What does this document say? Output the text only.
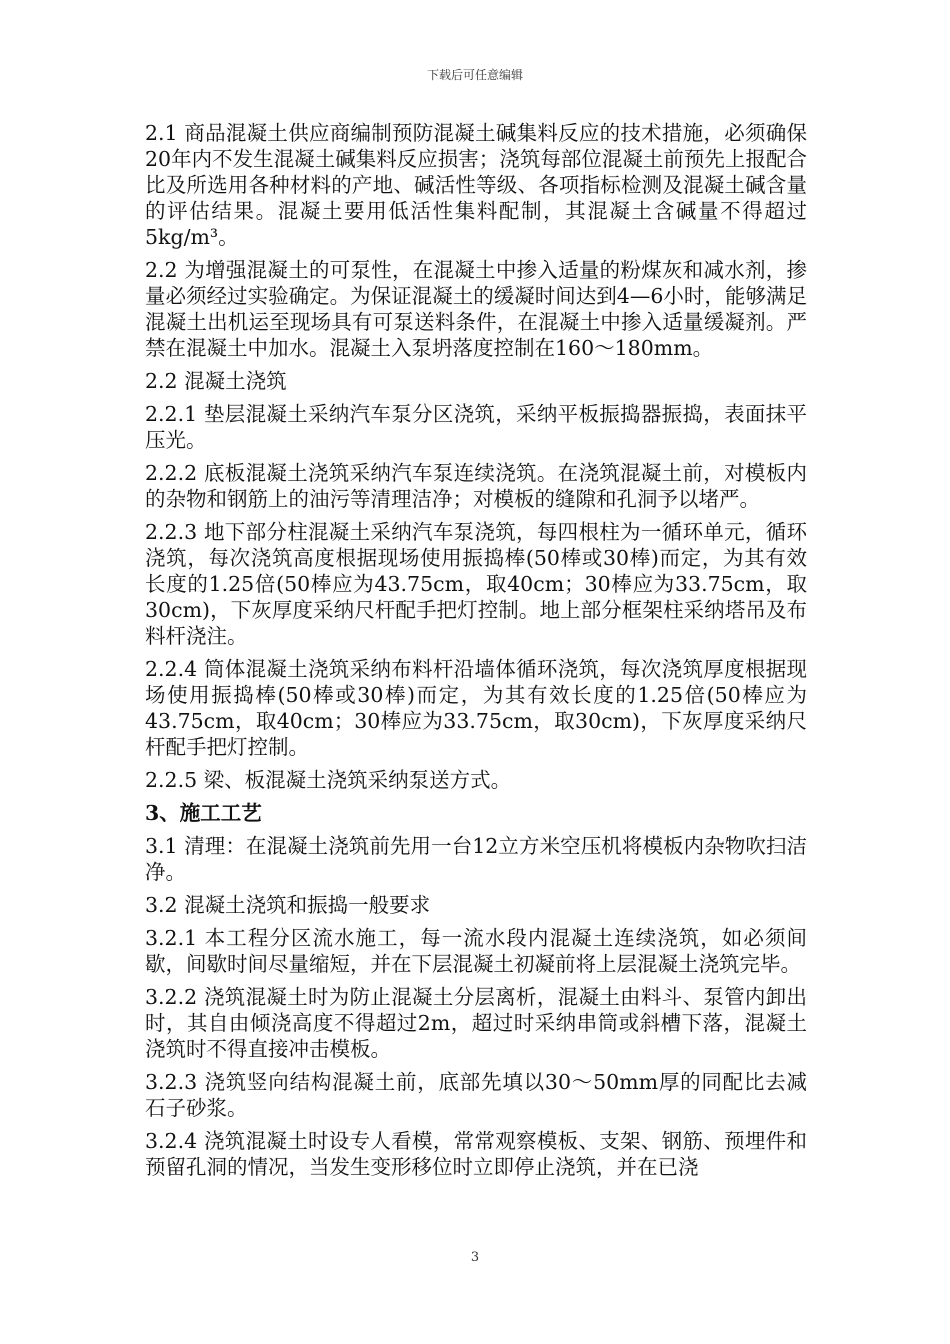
下载后可任意编辑

2.1 商品混凝土供应商编制预防混凝土碱集料反应的技术措施，必须确保20年内不发生混凝土碱集料反应损害；浇筑每部位混凝土前预先上报配合比及所选用各种材料的产地、碱活性等级、各项指标检测及混凝土碱含量的评估结果。混凝土要用低活性集料配制，其混凝土含碱量不得超过5kg/m³。

2.2 为增强混凝土的可泵性，在混凝土中掺入适量的粉煤灰和减水剂，掺量必须经过实验确定。为保证混凝土的缓凝时间达到4—6小时，能够满足混凝土出机运至现场具有可泵送料条件，在混凝土中掺入适量缓凝剂。严禁在混凝土中加水。混凝土入泵坍落度控制在160～180mm。

2.2 混凝土浇筑

2.2.1 垫层混凝土采纳汽车泵分区浇筑，采纳平板振捣器振捣，表面抹平压光。

2.2.2 底板混凝土浇筑采纳汽车泵连续浇筑。在浇筑混凝土前，对模板内的杂物和钢筋上的油污等清理洁净；对模板的缝隙和孔洞予以堵严。

2.2.3 地下部分柱混凝土采纳汽车泵浇筑，每四根柱为一循环单元，循环浇筑，每次浇筑高度根据现场使用振捣棒(50棒或30棒)而定，为其有效长度的1.25倍(50棒应为43.75cm，取40cm；30棒应为33.75cm，取30cm)，下灰厚度采纳尺杆配手把灯控制。地上部分框架柱采纳塔吊及布料杆浇注。

2.2.4 筒体混凝土浇筑采纳布料杆沿墙体循环浇筑，每次浇筑厚度根据现场使用振捣棒(50棒或30棒)而定，为其有效长度的1.25倍(50棒应为43.75cm，取40cm；30棒应为33.75cm，取30cm)，下灰厚度采纳尺杆配手把灯控制。

2.2.5 梁、板混凝土浇筑采纳泵送方式。

3、施工工艺

3.1 清理：在混凝土浇筑前先用一台12立方米空压机将模板内杂物吹扫洁净。

3.2 混凝土浇筑和振捣一般要求

3.2.1 本工程分区流水施工，每一流水段内混凝土连续浇筑，如必须间歇，间歇时间尽量缩短，并在下层混凝土初凝前将上层混凝土浇筑完毕。

3.2.2 浇筑混凝土时为防止混凝土分层离析，混凝土由料斗、泵管内卸出时，其自由倾浇高度不得超过2m，超过时采纳串筒或斜槽下落，混凝土浇筑时不得直接冲击模板。

3.2.3 浇筑竖向结构混凝土前，底部先填以30～50mm厚的同配比去减石子砂浆。

3.2.4 浇筑混凝土时设专人看模，常常观察模板、支架、钢筋、预埋件和预留孔洞的情况，当发生变形移位时立即停止浇筑，并在已浇

3
